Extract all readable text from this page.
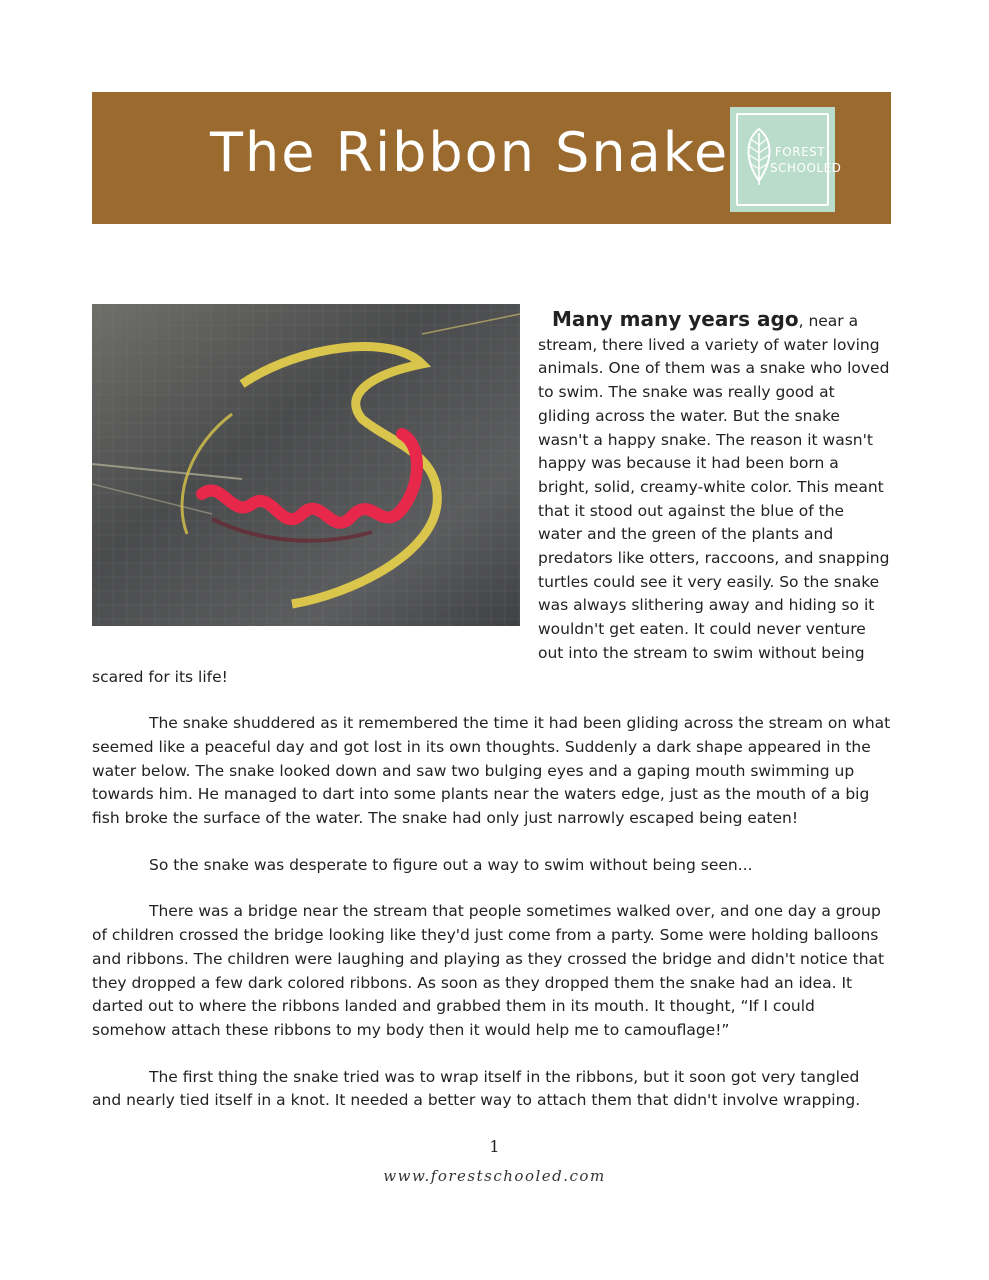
The Ribbon Snake	FOREST
SCHOOLED

Many many years ago, near a stream, there lived a variety of water loving animals. One of them was a snake who loved to swim. The snake was really good at gliding across the water. But the snake wasn't a happy snake. The reason it wasn't happy was because it had been born a bright, solid, creamy-white color. This meant that it stood out against the blue of the water and the green of the plants and predators like otters, raccoons, and snapping turtles could see it very easily. So the snake was always slithering away and hiding so it wouldn't get eaten. It could never venture out into the stream to swim without being scared for its life!

The snake shuddered as it remembered the time it had been gliding across the stream on what seemed like a peaceful day and got lost in its own thoughts. Suddenly a dark shape appeared in the water below. The snake looked down and saw two bulging eyes and a gaping mouth swimming up towards him. He managed to dart into some plants near the waters edge, just as the mouth of a big fish broke the surface of the water. The snake had only just narrowly escaped being eaten!

So the snake was desperate to figure out a way to swim without being seen...

There was a bridge near the stream that people sometimes walked over, and one day a group of children crossed the bridge looking like they'd just come from a party. Some were holding balloons and ribbons. The children were laughing and playing as they crossed the bridge and didn't notice that they dropped a few dark colored ribbons. As soon as they dropped them the snake had an idea. It darted out to where the ribbons landed and grabbed them in its mouth. It thought, “If I could somehow attach these ribbons to my body then it would help me to camouflage!”

The first thing the snake tried was to wrap itself in the ribbons, but it soon got very tangled and nearly tied itself in a knot. It needed a better way to attach them that didn't involve wrapping.

1
www.forestschooled.com
